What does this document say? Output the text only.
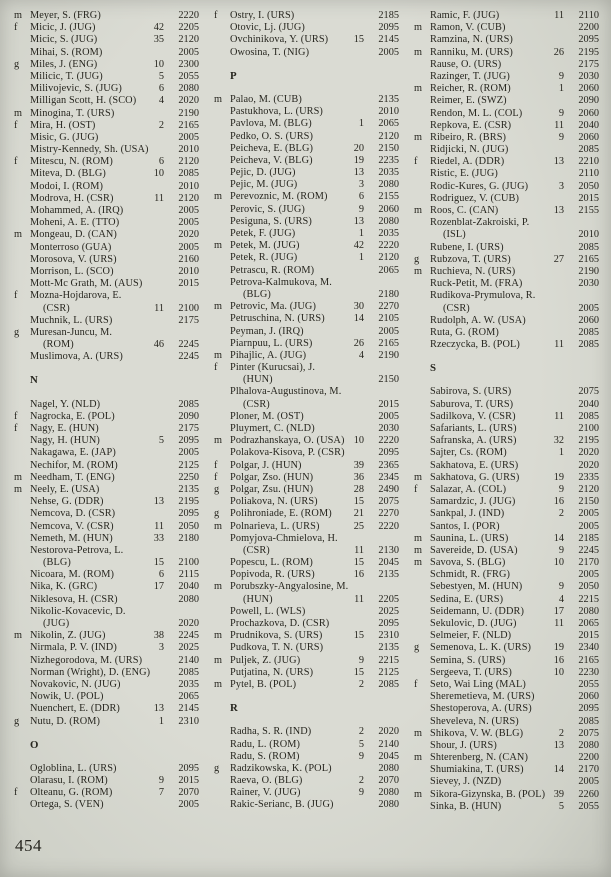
m Meyer, S. (FRG)	2220
f	Micic, J. (JUG)	42	2205
Micic, S. (JUG)	35	2120
Mihai, S. (ROM)	2005
g	Miles, J. (ENG)	10	2300
Milicic, T. (JUG)	5	2055
Milivojevic, S. (JUG)	6	2080
Milligan Scott, H. (SCO)	4	2020
m Minogina, T. (URS)	2190
f	Mira, H. (OST)	2	2165
Misic, G. (JUG)	2005
Mistry-Kennedy, Sh. (USA)	2010
f	Mitescu, N. (ROM)	6	2120
Miteva, D. (BLG)	10	2085
Modoi, I. (ROM)	2010
Modrova, H. (CSR)	11	2120
Mohammed, A. (IRQ)	2005
Moheni, A. E. (TTO)	2005
m Mongeau, D. (CAN)	2020
Monterroso (GUA)	2005
Morosova, V. (URS)	2160
Morrison, L. (SCO)	2010
Mott-Mc Grath, M. (AUS)	2015
f	Mozna-Hojdarova, E.
(CSR)	11	2100
Muchnik, L. (URS)	2175
g	Muresan-Juncu, M.
(ROM)	46	2245
Muslimova, A. (URS)	2245
N
Nagel, Y. (NLD)	2085
f	Nagrocka, E. (POL)	2090
f	Nagy, E. (HUN)	2175
Nagy, H. (HUN)	5	2095
Nakagawa, E. (JAP)	2005
Nechifor, M. (ROM)	2125
m Needham, T. (ENG)	2250
m Neely, E. (USA)	2135
Nehse, G. (DDR)	13	2195
Nemcova, D. (CSR)	2095
Nemcova, V. (CSR)	11	2050
Nemeth, M. (HUN)	33	2180
Nestorova-Petrova, L.
(BLG)	15	2100
Nicoara, M. (ROM)	6	2115
Nika, K. (GRC)	17	2040
Niklesova, H. (CSR)	2080
Nikolic-Kovacevic, D.
(JUG)	2020
m Nikolin, Z. (JUG)	38	2245
Nirmala, P. V. (IND)	3	2025
Nizhegorodova, M. (URS)	2140
Norman (Wright), D. (ENG)	2085
Novakovic, N. (JUG)	2035
Nowik, U. (POL)	2065
Nuenchert, E. (DDR)	13	2145
g	Nutu, D. (ROM)	1	2310
O
Ogloblina, L. (URS)	2095
Olarasu, I. (ROM)	9	2015
f	Olteanu, G. (ROM)	7	2070
Ortega, S. (VEN)	2005
f	Ostry, I. (URS)	2185
Otovic, Lj. (JUG)	2095
Ovchinikova, Y. (URS) 15	2145
Owosina, T. (NIG)	2005
P
m Palao, M. (CUB)	2135
Pastukhova, L. (URS)	2010
Pavlova, M. (BLG)	1	2065
Pedko, O. S. (URS)	2120
Peicheva, E. (BLG)	20	2150
Peicheva, V. (BLG)	19	2235
Pejic, D. (JUG)	13	2035
Pejic, M. (JUG)	3	2080
m Perevoznic, M. (ROM)	6	2155
Perovic, S. (JUG)	9	2060
Pesiguna, S. (URS)	13	2080
Petek, F. (JUG)	1	2035
m Petek, M. (JUG)	42	2220
Petek, R. (JUG)	1	2120
Petrascu, R. (ROM)	2065
Petrova-Kalmukova, M.
(BLG)	2180
m Petrovic, Ma. (JUG)	30	2270
Petruschina, N. (URS)	14	2105
Peyman, J. (IRQ)	2005
Piarnpuu, L. (URS)	26	2165
m Pihajlic, A. (JUG)	4	2190
f	Pinter (Kurucsai), J.
(HUN)	2150
Plhalova-Augustinova, M.
(CSR)	2015
Ploner, M. (OST)	2005
Pluymert, C. (NLD)	2030
m Podrazhanskaya, O. (USA) 10	2220
Polakova-Kisova, P. (CSR)	2095
f	Polgar, J. (HUN)	39	2365
f	Polgar, Zso. (HUN)	36	2345
g	Polgar, Zsu. (HUN)	28	2490
Poliakova, N. (URS)	15	2075
g	Polihroniade, E. (ROM) 21	2270
m Polnarieva, L. (URS)	25	2220
Pomyjova-Chmielova, H.
(CSR)	11	2130
Popescu, L. (ROM)	15	2045
Popivoda, R. (URS)	16	2135
m Porubszky-Angyalosine, M.
(HUN)	11	2205
Powell, L. (WLS)	2025
Prochazkova, D. (CSR)	2095
m Prudnikova, S. (URS)	15	2310
Pudkova, T. N. (URS)	2135
m Puljek, Z. (JUG)	9	2215
Putjatina, N. (URS)	15	2125
m Pytel, B. (POL)	2	2085
R
Radha, S. R. (IND)	2	2020
Radu, L. (ROM)	5	2140
Radu, S. (ROM)	9	2045
g	Radzikowska, K. (POL)	2080
Raeva, O. (BLG)	2	2070
Rainer, V. (JUG)	9	2080
Rakic-Serianc, B. (JUG)	2080
Ramic, F. (JUG)	11	2110
m Ramon, V. (CUB)	2200
Ramzina, N. (URS)	2095
m Ranniku, M. (URS)	26	2195
Rause, O. (URS)	2175
Razinger, T. (JUG)	9	2030
m Reicher, R. (ROM)	1	2060
Reimer, E. (SWZ)	2090
Rendon, M. L. (COL)	9	2060
Repkova, E. (CSR)	11	2040
m Ribeiro, R. (BRS)	9	2060
Ridjicki, N. (JUG)	2085
f	Riedel, A. (DDR)	13	2210
Ristic, E. (JUG)	2110
Rodic-Kures, G. (JUG)	3	2050
Rodriguez, V. (CUB)	2015
m Roos, C. (CAN)	13	2155
Rozenblat-Zakroiski, P.
(ISL)	2010
Rubene, I. (URS)	2085
g	Rubzova, T. (URS)	27	2165
m Ruchieva, N. (URS)	2190
Ruck-Petit, M. (FRA)	2030
Rudikova-Prymulova, R.
(CSR)	2005
Rudolph, A. W. (USA)	2060
Ruta, G. (ROM)	2085
Rzeczycka, B. (POL)	11	2085
S
Sabirova, S. (URS)	2075
Saburova, T. (URS)	2040
Sadilkova, V. (CSR)	11	2085
Safariants, L. (URS)	2100
Safranska, A. (URS)	32	2195
Sajter, Cs. (ROM)	1	2020
Sakhatova, E. (URS)	2020
m Sakhatova, G. (URS)	19	2335
f	Salazar, A. (COL)	9	2120
Samardzic, J. (JUG)	16	2150
Sankpal, J. (IND)	2	2005
Santos, I. (POR)	2005
m Saunina, L. (URS)	14	2185
m Savereide, D. (USA)	9	2245
m Savova, S. (BLG)	10	2170
Schmidt, R. (FRG)	2005
Sebestyen, M. (HUN)	9	2050
Sedina, E. (URS)	4	2215
Seidemann, U. (DDR)	17	2080
Sekulovic, D. (JUG)	11	2065
Selmeier, F. (NLD)	2015
g	Semenova, L. K. (URS) 19	2340
Semina, S. (URS)	16	2165
Sergeeva, T. (URS)	10	2230
f	Seto, Wai Ling (MAL)	2055
Sheremetieva, M. (URS)	2060
Shestoperova, A. (URS)	2095
Sheveleva, N. (URS)	2085
m Shikova, V. W. (BLG)	2	2075
Shour, J. (URS)	13	2080
m Shterenberg, N. (CAN)	2200
Shumiakina, T. (URS)	14	2170
Sievey, J. (NZD)	2005
m Sikora-Gizynska, B. (POL) 39	2260
Sinka, B. (HUN)	5	2055
454
